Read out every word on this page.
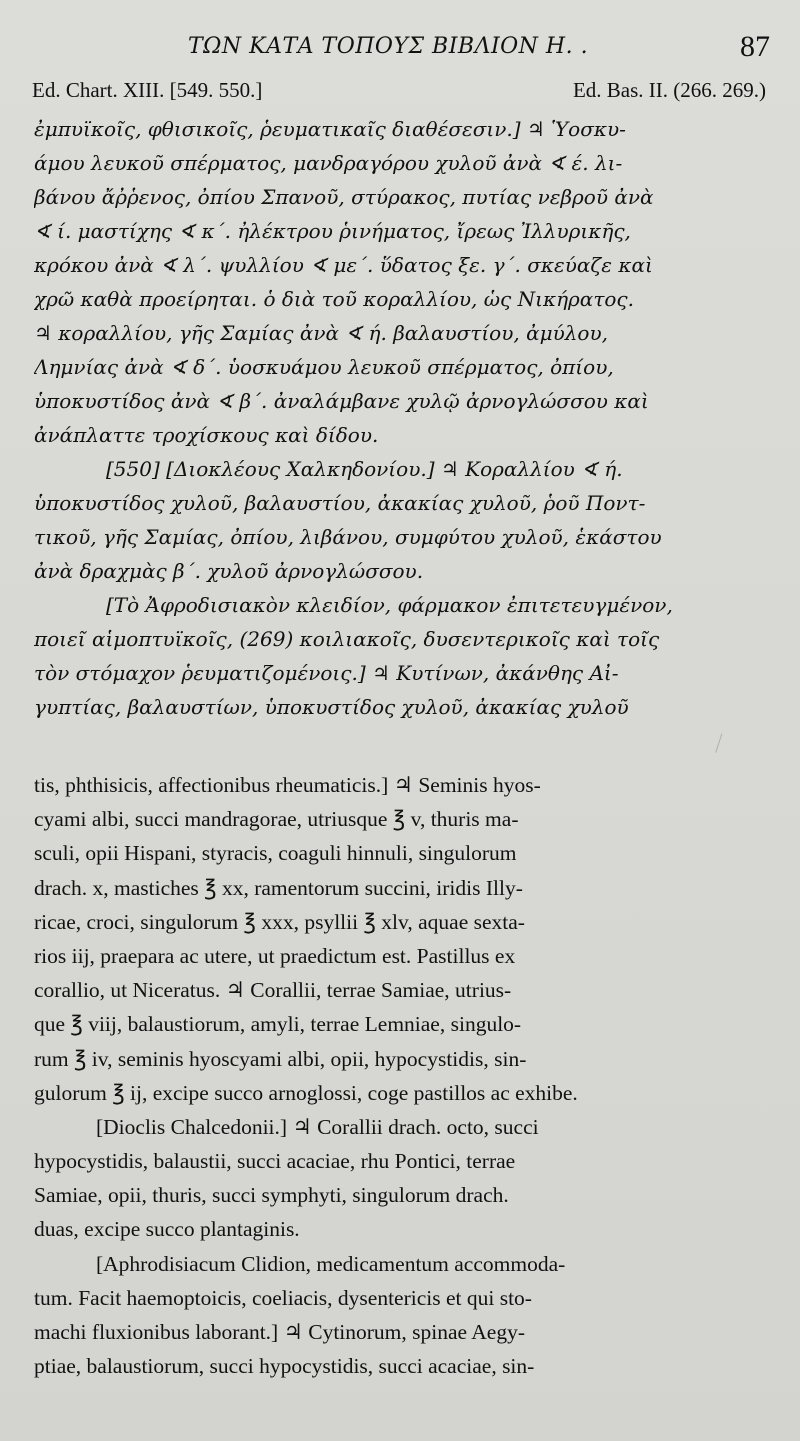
ΤΩΝ ΚΑΤΑ ΤΟΠΟΥΣ ΒΙΒΛΙΟΝ Η. .	87
Ed. Chart. XIII. [549. 550.]	Ed. Bas. II. (266. 269.)
ἐμπυϊκοῖς, φθισικοῖς, ῥευματικαῖς διαθέσεσιν.] ♃ Ὑοσκυ-
άμου λευκοῦ σπέρματος, μανδραγόρου χυλοῦ ἀνὰ ∢ έ. λι-
βάνου ἄῤῥενος, ὀπίου Σπανοῦ, στύρακος, πυτίας νεβροῦ ἀνὰ
∢ ί. μαστίχης ∢ κ΄. ἠλέκτρου ῥινήματος, ἴρεως Ἰλλυρικῆς,
κρόκου ἀνὰ ∢ λ΄. ψυλλίου ∢ με΄. ὕδατος ξε. γ΄. σκεύαζε καὶ
χρῶ καθὰ προείρηται. ὁ διὰ τοῦ κοραλλίου, ὡς Νικήρατος.
♃ κοραλλίου, γῆς Σαμίας ἀνὰ ∢ ή. βαλαυστίου, ἀμύλου,
Λημνίας ἀνὰ ∢ δ΄. ὑοσκυάμου λευκοῦ σπέρματος, ὀπίου,
ὑποκυστίδος ἀνὰ ∢ β΄. ἀναλάμβανε χυλῷ ἀρνογλώσσου καὶ
ἀνάπλαττε τροχίσκους καὶ δίδου.
[550] [Διοκλέους Χαλκηδονίου.] ♃ Κοραλλίου ∢ ή.
ὑποκυστίδος χυλοῦ, βαλαυστίου, ἀκακίας χυλοῦ, ῥοῦ Ποντ-
τικοῦ, γῆς Σαμίας, ὀπίου, λιβάνου, συμφύτου χυλοῦ, ἑκάστου
ἀνὰ δραχμὰς β΄. χυλοῦ ἀρνογλώσσου.
[Τὸ Ἀφροδισιακὸν κλειδίον, φάρμακον ἐπιτετευγμένον,
ποιεῖ αἱμοπτυϊκοῖς, (269) κοιλιακοῖς, δυσεντερικοῖς καὶ τοῖς
τὸν στόμαχον ῥευματιζομένοις.] ♃ Κυτίνων, ἀκάνθης Αἰ-
γυπτίας, βαλαυστίων, ὑποκυστίδος χυλοῦ, ἀκακίας χυλοῦ
tis, phthisicis, affectionibus rheumaticis.] ♃ Seminis hyos-
cyami albi, succi mandragorae, utriusque ℥ v, thuris ma-
sculi, opii Hispani, styracis, coaguli hinnuli, singulorum
drach. x, mastiches ℥ xx, ramentorum succini, iridis Illy-
ricae, croci, singulorum ℥ xxx, psyllii ℥ xlv, aquae sexta-
rios iij, praepara ac utere, ut praedictum est. Pastillus ex
corallio, ut Niceratus. ♃ Corallii, terrae Samiae, utrius-
que ℥ viij, balaustiorum, amyli, terrae Lemniae, singulo-
rum ℥ iv, seminis hyoscyami albi, opii, hypocystidis, sin-
gulorum ℥ ij, excipe succo arnoglossi, coge pastillos ac exhibe.
[Dioclis Chalcedonii.] ♃ Corallii drach. octo, succi
hypocystidis, balaustii, succi acaciae, rhu Pontici, terrae
Samiae, opii, thuris, succi symphyti, singulorum drach.
duas, excipe succo plantaginis.
[Aphrodisiacum Clidion, medicamentum accommoda-
tum. Facit haemoptoicis, coeliacis, dysentericis et qui sto-
machi fluxionibus laborant.] ♃ Cytinorum, spinae Aegy-
ptiae, balaustiorum, succi hypocystidis, succi acaciae, sin-
